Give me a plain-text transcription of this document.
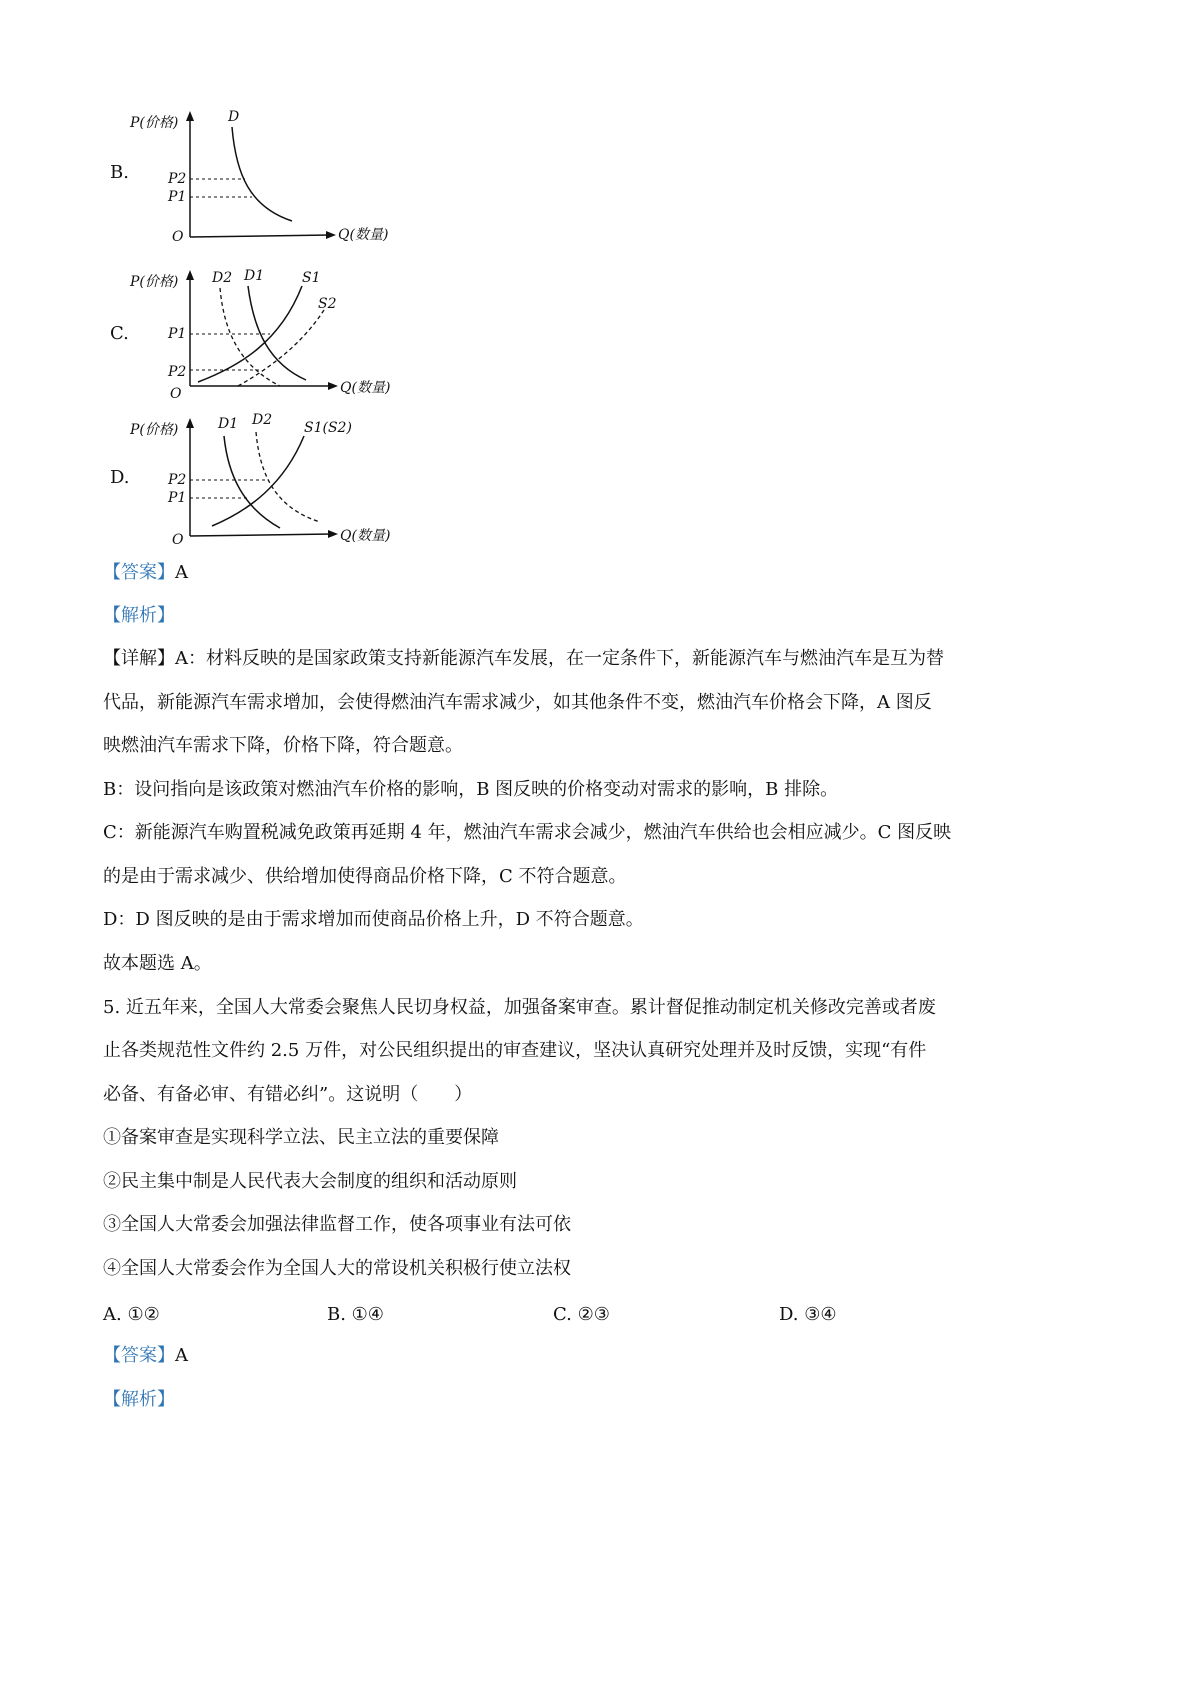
B.
P(价格)
Q(数量)
O
D
P2
P1
C.
P(价格)
Q(数量)
O
D2 D1	S1
S2
P1
P2
D.
P(价格)
Q(数量)
O
D1 D2 S1(S2)
P2
P1
【答案】A
【解析】
【详解】A：材料反映的是国家政策支持新能源汽车发展，在一定条件下，新能源汽车与燃油汽车是互为替
代品，新能源汽车需求增加，会使得燃油汽车需求减少，如其他条件不变，燃油汽车价格会下降，A 图反
映燃油汽车需求下降，价格下降，符合题意。
B：设问指向是该政策对燃油汽车价格的影响，B 图反映的价格变动对需求的影响，B 排除。
C：新能源汽车购置税减免政策再延期 4 年，燃油汽车需求会减少，燃油汽车供给也会相应减少。C 图反映
的是由于需求减少、供给增加使得商品价格下降，C 不符合题意。
D：D 图反映的是由于需求增加而使商品价格上升，D 不符合题意。
故本题选 A。
5. 近五年来，全国人大常委会聚焦人民切身权益，加强备案审查。累计督促推动制定机关修改完善或者废
止各类规范性文件约 2.5 万件，对公民组织提出的审查建议，坚决认真研究处理并及时反馈，实现“有件
必备、有备必审、有错必纠”。这说明（　　）
①备案审查是实现科学立法、民主立法的重要保障
②民主集中制是人民代表大会制度的组织和活动原则
③全国人大常委会加强法律监督工作，使各项事业有法可依
④全国人大常委会作为全国人大的常设机关积极行使立法权
A. ①②	B. ①④	C. ②③	D. ③④
【答案】A
【解析】
